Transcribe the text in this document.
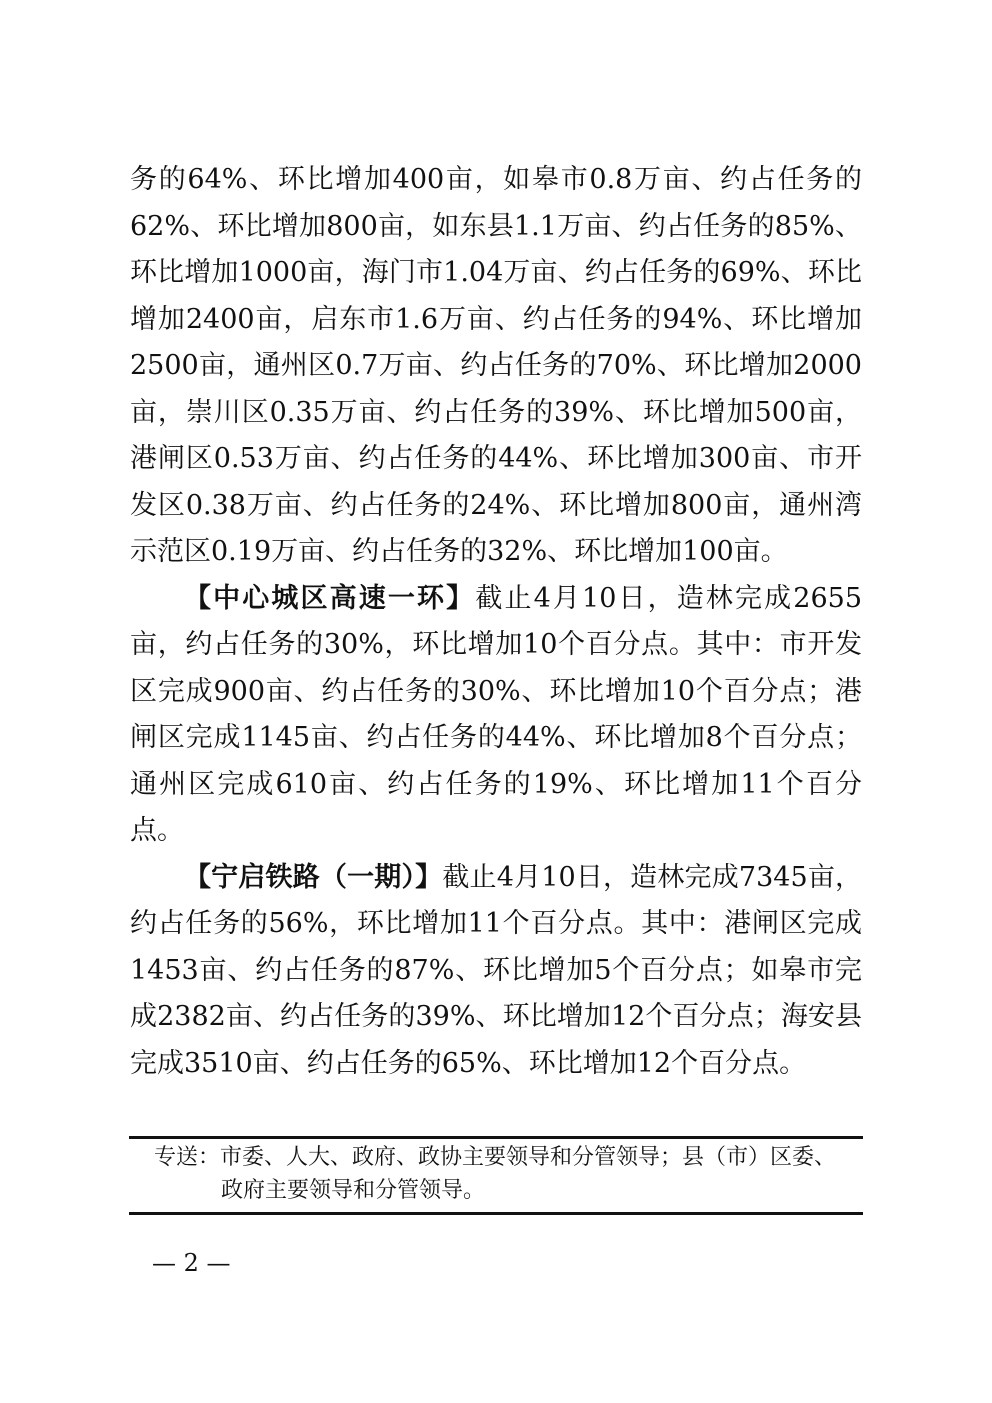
务的64%、环比增加400亩，如皋市0.8万亩、约占任务的62%、环比增加800亩，如东县1.1万亩、约占任务的85%、环比增加1000亩，海门市1.04万亩、约占任务的69%、环比增加2400亩，启东市1.6万亩、约占任务的94%、环比增加2500亩，通州区0.7万亩、约占任务的70%、环比增加2000亩，崇川区0.35万亩、约占任务的39%、环比增加500亩，港闸区0.53万亩、约占任务的44%、环比增加300亩、市开发区0.38万亩、约占任务的24%、环比增加800亩，通州湾示范区0.19万亩、约占任务的32%、环比增加100亩。

【中心城区高速一环】截止4月10日，造林完成2655亩，约占任务的30%，环比增加10个百分点。其中：市开发区完成900亩、约占任务的30%、环比增加10个百分点；港闸区完成1145亩、约占任务的44%、环比增加8个百分点；通州区完成610亩、约占任务的19%、环比增加11个百分点。

【宁启铁路（一期）】截止4月10日，造林完成7345亩，约占任务的56%，环比增加11个百分点。其中：港闸区完成1453亩、约占任务的87%、环比增加5个百分点；如皋市完成2382亩、约占任务的39%、环比增加12个百分点；海安县完成3510亩、约占任务的65%、环比增加12个百分点。

专送：市委、人大、政府、政协主要领导和分管领导；县（市）区委、
政府主要领导和分管领导。
— 2 —
